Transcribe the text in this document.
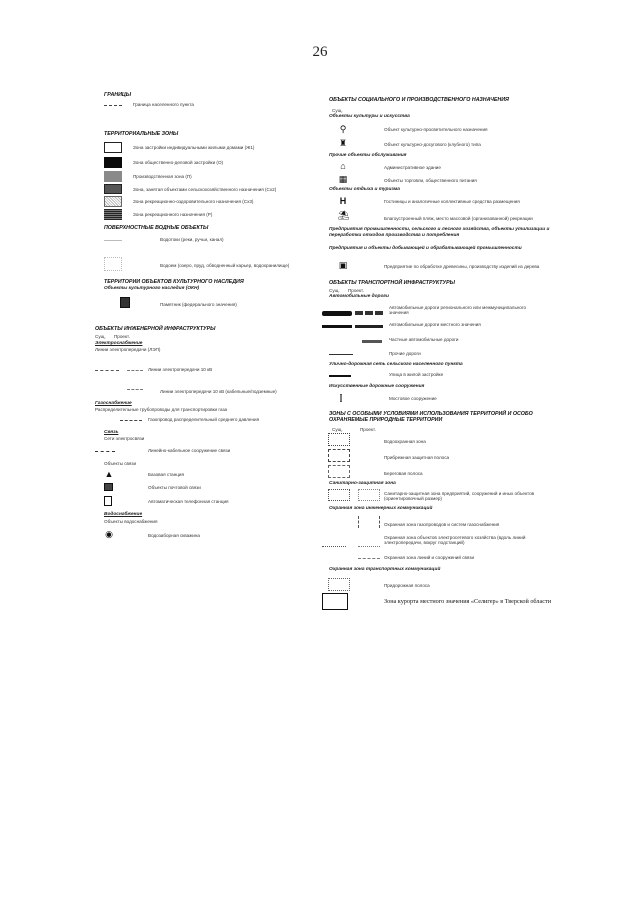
26
ГРАНИЦЫ
Граница населенного пункта
ТЕРРИТОРИАЛЬНЫЕ ЗОНЫ
Зона застройки индивидуальными жилыми домами (Ж1)
Зона общественно-деловой застройки (О)
Производственная зона (П)
Зона, занятая объектами сельскохозяйственного назначения (Сх2)
Зона рекреационно-оздоровительного назначения (Сх3)
Зона рекреационного назначения (Р)
ПОВЕРХНОСТНЫЕ ВОДНЫЕ ОБЪЕКТЫ
Водотоки (реки, ручьи, канал)
Водоем (озеро, пруд, обводненный карьер, водохранилище)
ТЕРРИТОРИИ ОБЪЕКТОВ КУЛЬТУРНОГО НАСЛЕДИЯ
Объекты культурного наследия (ОКН)
Памятник (федерального значения)
ОБЪЕКТЫ ИНЖЕНЕРНОЙ ИНФРАСТРУКТУРЫ
Сущ. Проект.
Электроснабжение
Линии электропередачи (ЛЭП)
Линии электропередачи 10 кВ
Линии электропередачи 10 кВ (кабельные/подземные)
Газоснабжение
Распределительные трубопроводы для транспортировки газа
Газопровод распределительный среднего давления
Связь
Сети электросвязи
Линейно-кабельное сооружение связи
Объекты связи
▲	Базовая станция
Объекты почтовой связи
Автоматическая телефонная станция
Водоснабжение
Объекты водоснабжения
◉	Водозаборная скважина
ОБЪЕКТЫ СОЦИАЛЬНОГО И ПРОИЗВОДСТВЕННОГО НАЗНАЧЕНИЯ
Сущ.
Объекты культуры и искусства
⚲	Объект культурно-просветительного назначения
♜	Объект культурно-досугового (клубного) типа
Прочие объекты обслуживания
⌂	Административное здание
▦	Объекты торговли, общественного питания
Объекты отдыха и туризма
H	Гостиницы и аналогичные коллективные средства размещения
⛱	Благоустроенный пляж, место массовой (организованной) рекреации
Предприятия промышленности, сельского и лесного хозяйства, объекты утилизации и переработки отходов производства и потребления
Предприятия и объекты добывающей и обрабатывающей промышленности
▣	Предприятие по обработке древесины, производству изделий из дерева
ОБЪЕКТЫ ТРАНСПОРТНОЙ ИНФРАСТРУКТУРЫ
Сущ. Проект.
Автомобильные дороги
Автомобильные дороги регионального или межмуниципального значения
Автомобильные дороги местного значения
Частные автомобильные дороги
Прочие дороги
Улично-дорожная сеть сельского населенного пункта
Улица в жилой застройке
Искусственные дорожные сооружения
⫿	Мостовое сооружение
ЗОНЫ С ОСОБЫМИ УСЛОВИЯМИ ИСПОЛЬЗОВАНИЯ ТЕРРИТОРИЙ И ОСОБО ОХРАНЯЕМЫЕ ПРИРОДНЫЕ ТЕРРИТОРИИ
Сущ.	Проект.
Водоохранная зона
Прибрежная защитная полоса
Береговая полоса
Санитарно-защитная зона
Санитарно-защитная зона предприятий, сооружений и иных объектов (ориентировочный размер)
Охранная зона инженерных коммуникаций
Охранная зона газопроводов и систем газоснабжения
Охранная зона объектов электросетевого хозяйства (вдоль линий электропередачи, вокруг подстанций)
Охранная зона линий и сооружений связи
Охранная зона транспортных коммуникаций
Придорожная полоса
Зона курорта местного значения «Селигер» в Тверской области
